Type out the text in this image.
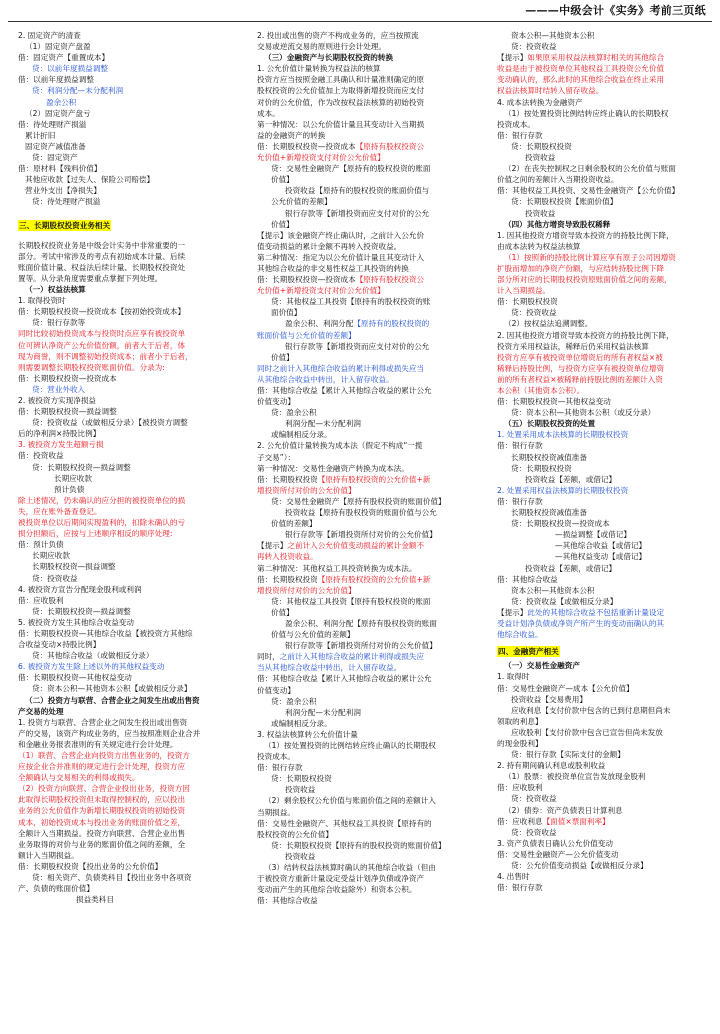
———中级会计《实务》考前三页纸
2. 固定资产的清查
（1）固定资产盘盈
借：固定资产【重置成本】
贷：以前年度损益调整
借：以前年度损益调整
贷：利润分配—未分配利润
盈余公积
（2）固定资产盘亏
借：待处理财产损溢
累计折旧
固定资产减值准备
贷：固定资产
借：原材料【残料价值】
其他应收款【过失人、保险公司赔偿】
营业外支出【净损失】
贷：待处理财产损溢
三、长期股权投资业务相关
长期股权投资业务是中级会计实务中非常重要的一
部分。考试中常涉及的考点有初始成本计量、后续
账面价值计量、权益法后续计量、长期股权投资处
置等。从分录角度需要重点掌握下列处理。
（一）权益法核算
1. 取得投资时
借：长期股权投资—投资成本【按初始投资成本】
贷：银行存款等
同时比较初始投资成本与投资时点应享有被投资单
位可辨认净资产公允价值份额，前者大于后者，体
现为商誉，则不调整初始投资成本；前者小于后者，
则需要调整长期股权投资账面价值。分录为:
借：长期股权投资—投资成本
贷：营业外收入
2. 被投资方实现净损益
借：长期股权投资—损益调整
贷：投资收益（或做相反分录）【被投资方调整
后的净利润×持股比例】
3. 被投资方发生超额亏损
借：投资收益
贷：长期股权投资—损益调整
长期应收款
预计负债
除上述情况，仍未确认的应分担的被投资单位的损
失，应在账外备查登记。
被投资单位以后期间实现盈利的，扣除未确认的亏
损分担额后，应按与上述顺序相反的顺序处理:
借：预计负债
长期应收款
长期股权投资—损益调整
贷：投资收益
4. 被投资方宣告分配现金股利或利润
借：应收股利
贷：长期股权投资—损益调整
5. 被投资方发生其他综合收益变动
借：长期股权投资—其他综合收益【被投资方其他综
合收益变动×持股比例】
贷：其他综合收益（或做相反分录）
6. 被投资方发生除上述以外的其他权益变动
借：长期股权投资—其他权益变动
贷：资本公积—其他资本公积【或做相反分录】
（二）投资方与联营、合营企业之间发生出或出售资
产交易的处理
1. 投资方与联营、合营企业之间发生投出或出售资
产的交易，该资产构成业务的，应当按照准则企业合并
和金融业务报表准则的有关规定进行会计处理。
（1）联营、合营企业向投资方出售业务的，投资方
应按企业合并准则的规定进行会计处理，投资方应
全额确认与交易相关的利得或损失。
（2）投资方向联营、合营企业投出业务，投资方因
此取得长期股权投资但未取得控制权的，应以投出
业务的公允价值作为新增长期股权投资的初始投资
成本，初始投资成本与投出业务的账面价值之差，
全额计入当期损益。投资方向联营、合营企业出售
业务取得的对价与业务的账面价值之间的差额，全
额计入当期损益。
借：长期股权投资【投出业务的公允价值】
贷：相关资产、负债类科目【投出业务中各项资
产、负债的账面价值】
损益类科目
2. 投出或出售的资产不构成业务的，应当按照流
交易或逆流交易的原则进行会计处理。
（三）金融资产与长期股权投资的转换
1. 公允价值计量转换为权益法的核算
投资方应当按照金融工具确认和计量准则确定的原
股权投资的公允价值加上为取得新增投资而应支付
对价的公允价值，作为改按权益法核算的初始投资
成本。
第一种情况：以公允价值计量且其变动计入当期损
益的金融资产的转换
借：长期股权投资—投资成本【原持有股权投资公
允价值+新增投资支付对价公允价值】
贷：交易性金融资产【原持有的股权投资的账面
价值】
投资收益【原持有的股权投资的账面价值与
公允价值的差额】
银行存款等【新增投资而应支付对价的公允
价值】
【提示】该金融资产终止确认时，之前计入公允价
值变动损益的累计金额不再转入投资收益。
第二种情况：指定为以公允价值计量且其变动计入
其他综合收益的非交易性权益工具投资的转换
借：长期股权投资—投资成本【原持有股权投资公
允价值+新增投资支付对价公允价值】
贷：其他权益工具投资【原持有的股权投资的账
面价值】
盈余公积、利润分配【原持有的股权投资的
账面价值与公允价值的差额】
银行存款等【新增投资而应支付对价的公允
价值】
同时之前计入其他综合收益的累计利得或损失应当
从其他综合收益中转出，计入留存收益。
借：其他综合收益【累计入其他综合收益的累计公允
价值变动】
贷：盈余公积
利润分配—未分配利润
或编制相反分录。
2. 公允价值计量转换为成本法（假定不构成“一揽
子交易”）：
第一种情况：交易性金融资产转换为成本法。
借：长期股权投资【原持有股权投资的公允价值+新
增投资所付对价的公允价值】
贷：交易性金融资产【原持有股权投资的账面价值】
投资收益【原持有股权投资的账面价值与公允
价值的差额】
银行存款等【新增投资所付对价的公允价值】
【提示】之前计入公允价值变动损益的累计金额不
再转入投资收益。
第二种情况：其他权益工具投资转换为成本法。
借：长期股权投资【原持有股权投资的公允价值+新
增投资所付对价的公允价值】
贷：其他权益工具投资【原持有股权投资的账面
价值】
盈余公积、利润分配【原持有股权投资的账面
价值与公允价值的差额】
银行存款等【新增投资所付对价的公允价值】
同时，之前计入其他综合收益的累计利得或损失应
当从其他综合收益中转出，计入留存收益。
借：其他综合收益【累计入其他综合收益的累计公允
价值变动】
贷：盈余公积
利润分配—未分配利润
或编制相反分录。
3. 权益法核算转公允价值计量
（1）按处置投资的比例结转应终止确认的长期股权
投资成本。
借：银行存款
贷：长期股权投资
投资收益
（2）剩余股权公允价值与账面价值之间的差额计入
当期损益。
借：交易性金融资产、其他权益工具投资【原持有的
股权投资的公允价值】
贷：长期股权投资【原持有的股权投资的账面价值】
投资收益
（3）结转权益法核算时确认的其他综合收益（但由
于被投资方重新计量设定受益计划净负债或净资产
变动而产生的其他综合收益除外）和资本公积。
借：其他综合收益
资本公积—其他资本公积
贷：投资收益
【提示】如果原采用权益法核算时相关的其他综合
收益是由于被投资单位其他权益工具投资公允价值
变动确认的，那么此时的其他综合收益在终止采用
权益法核算时结转入留存收益。
4. 成本法转换为金融资产
（1）按处置投资比例结转应终止确认的长期股权
投资成本。
借：银行存款
贷：长期股权投资
投资收益
（2）在丧失控制权之日剩余股权的公允价值与账面
价值之间的差额计入当期投资收益。
借：其他权益工具投资、交易性金融资产【公允价值】
贷：长期股权投资【账面价值】
投资收益
（四）其他方增资导致股权稀释
1. 因其他投资方增资导致本投资方的持股比例下降，
由成本法转为权益法核算
（1）按照新的持股比例计算应享有原子公司因增资
扩股而增加的净资产份额，与应结转持股比例下降
部分所对应的长期股权投资原账面价值之间的差额，
计入当期损益。
借：长期股权投资
贷：投资收益
（2）按权益法追溯调整。
2. 因其他投资方增资导致本投资方的持股比例下降，
投资方采用权益法，稀释后仍采用权益法核算
投资方应享有被投资单位增资后的所有者权益×被
稀释后持股比例，与投资方应享有被投资单位增资
前的所有者权益×被稀释前持股比例的差额计入资
本公积（其他资本公积）。
借：长期股权投资—其他权益变动
贷：资本公积—其他资本公积（或反分录）
（五）长期股权投资的处置
1. 处置采用成本法核算的长期股权投资
借：银行存款
长期股权投资减值准备
贷：长期股权投资
投资收益【差额，或借记】
2. 处置采用权益法核算的长期股权投资
借：银行存款
长期股权投资减值准备
贷：长期股权投资—投资成本
—损益调整【或借记】
—其他综合收益【或借记】
—其他权益变动【或借记】
投资收益【差额，或借记】
借：其他综合收益
资本公积—其他资本公积
贷：投资收益【或做相反分录】
【提示】此处的其他综合收益不包括重新计量设定
受益计划净负债或净资产所产生的变动而确认的其
他综合收益。
四、金融资产相关
（一）交易性金融资产
1. 取得时
借：交易性金融资产—成本【公允价值】
投资收益【交易费用】
应收利息【支付价款中包含的已到付息期但尚未
领取的利息】
应收股利【支付价款中包含已宣告但尚未发放
的现金股利】
贷：银行存款【实际支付的金额】
2. 持有期间确认利息或股利收益
（1）股票：被投资单位宣告发放现金股利
借：应收股利
贷：投资收益
（2）债券：资产负债表日计算利息
借：应收利息【面值×票面利率】
贷：投资收益
3. 资产负债表日确认公允价值变动
借：交易性金融资产—公允价值变动
贷：公允价值变动损益【或做相反分录】
4. 出售时
借：银行存款
